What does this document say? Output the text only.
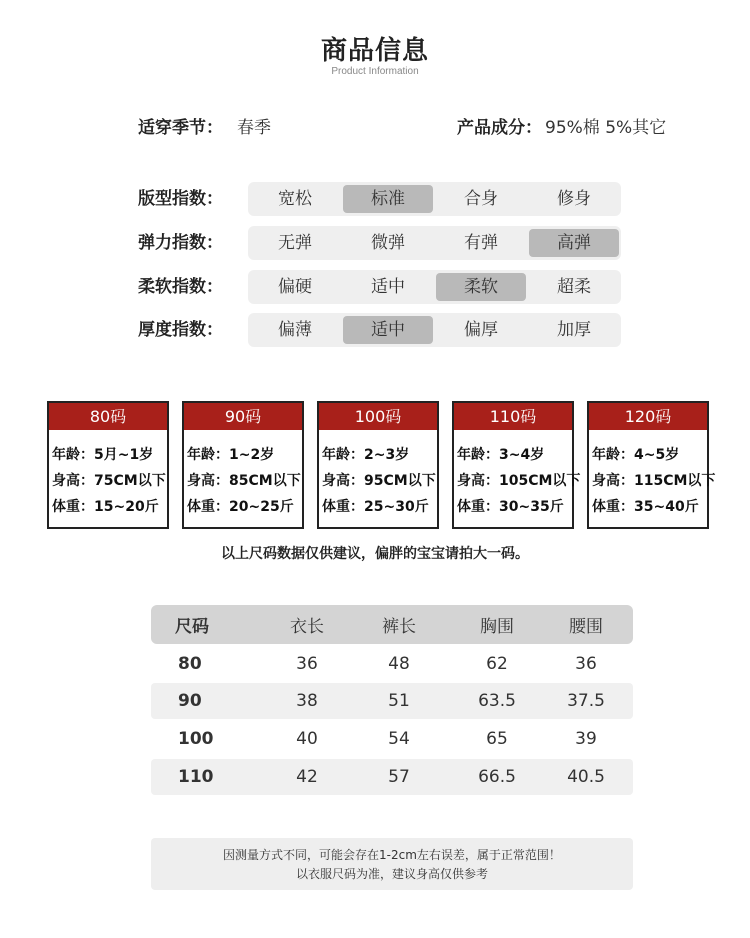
商品信息
Product Information
适穿季节： 春季	产品成分： 95%棉 5%其它
版型指数：	宽松	标准	合身	修身
弹力指数：	无弹	微弹	有弹	高弹
柔软指数：	偏硬	适中	柔软	超柔
厚度指数：	偏薄	适中	偏厚	加厚
80码
年龄：5月~1岁
身高：75CM以下
体重：15~20斤
90码
年龄：1~2岁
身高：85CM以下
体重：20~25斤
100码
年龄：2~3岁
身高：95CM以下
体重：25~30斤
110码
年龄：3~4岁
身高：105CM以下
体重：30~35斤
120码
年龄：4~5岁
身高：115CM以下
体重：35~40斤
以上尺码数据仅供建议，偏胖的宝宝请拍大一码。
尺码	衣长	裤长	胸围	腰围
80	36	48	62	36
90	38	51	63.5	37.5
100	40	54	65	39
110	42	57	66.5	40.5
因测量方式不同，可能会存在1-2cm左右误差，属于正常范围！
以衣服尺码为准，建议身高仅供参考
